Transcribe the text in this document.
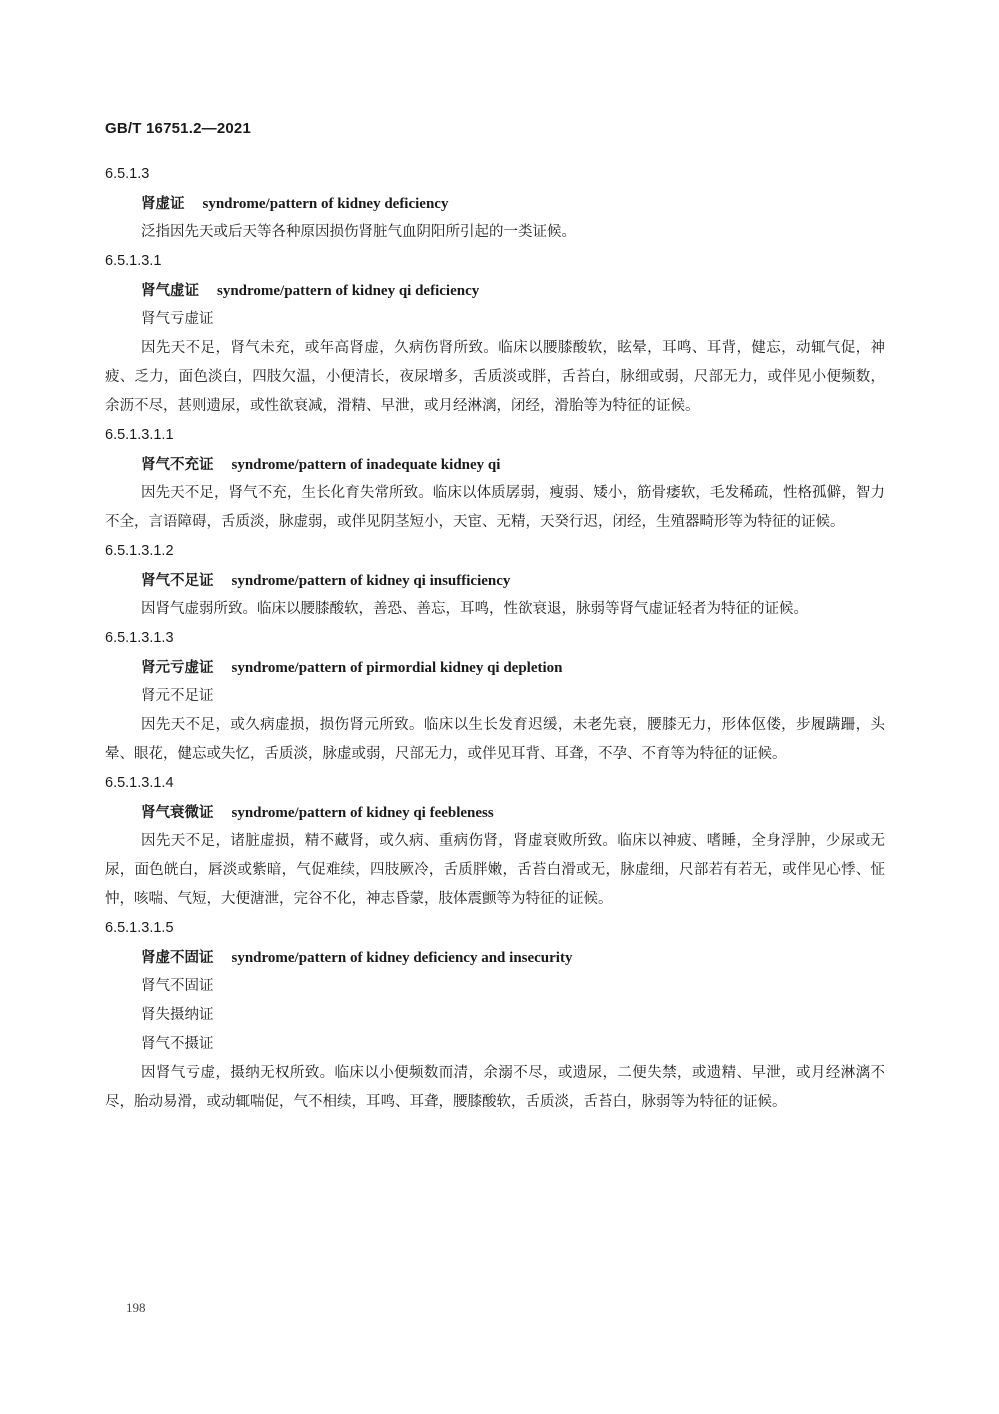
GB/T 16751.2—2021
6.5.1.3
肾虚证 syndrome/pattern of kidney deficiency

泛指因先天或后天等各种原因损伤肾脏气血阴阳所引起的一类证候。

6.5.1.3.1
肾气虚证 syndrome/pattern of kidney qi deficiency
肾气亏虚证

因先天不足，肾气未充，或年高肾虚，久病伤肾所致。临床以腰膝酸软，眩晕，耳鸣、耳背，健忘，动辄气促，神疲、乏力，面色淡白，四肢欠温，小便清长，夜尿增多，舌质淡或胖，舌苔白，脉细或弱，尺部无力，或伴见小便频数，余沥不尽，甚则遗尿，或性欲衰减，滑精、早泄，或月经淋漓，闭经，滑胎等为特征的证候。

6.5.1.3.1.1
肾气不充证 syndrome/pattern of inadequate kidney qi

因先天不足，肾气不充，生长化育失常所致。临床以体质孱弱，瘦弱、矮小，筋骨痿软，毛发稀疏，性格孤僻，智力不全，言语障碍，舌质淡，脉虚弱，或伴见阴茎短小，天宦、无精，天癸行迟，闭经，生殖器畸形等为特征的证候。

6.5.1.3.1.2
肾气不足证 syndrome/pattern of kidney qi insufficiency

因肾气虚弱所致。临床以腰膝酸软，善恐、善忘，耳鸣，性欲衰退，脉弱等肾气虚证轻者为特征的证候。

6.5.1.3.1.3
肾元亏虚证 syndrome/pattern of pirmordial kidney qi depletion
肾元不足证

因先天不足，或久病虚损，损伤肾元所致。临床以生长发育迟缓，未老先衰，腰膝无力，形体伛偻，步履蹒跚，头晕、眼花，健忘或失忆，舌质淡，脉虚或弱，尺部无力，或伴见耳背、耳聋，不孕、不育等为特征的证候。

6.5.1.3.1.4
肾气衰微证 syndrome/pattern of kidney qi feebleness

因先天不足，诸脏虚损，精不藏肾，或久病、重病伤肾，肾虚衰败所致。临床以神疲、嗜睡，全身浮肿，少尿或无尿，面色㿠白，唇淡或紫暗，气促难续，四肢厥冷，舌质胖嫩，舌苔白滑或无，脉虚细，尺部若有若无，或伴见心悸、怔忡，咳喘、气短，大便溏泄，完谷不化，神志昏蒙，肢体震颤等为特征的证候。

6.5.1.3.1.5
肾虚不固证 syndrome/pattern of kidney deficiency and insecurity
肾气不固证
肾失摄纳证
肾气不摄证

因肾气亏虚，摄纳无权所致。临床以小便频数而清，余溺不尽，或遗尿，二便失禁，或遗精、早泄，或月经淋漓不尽，胎动易滑，或动辄喘促，气不相续，耳鸣、耳聋，腰膝酸软，舌质淡，舌苔白，脉弱等为特征的证候。

198
